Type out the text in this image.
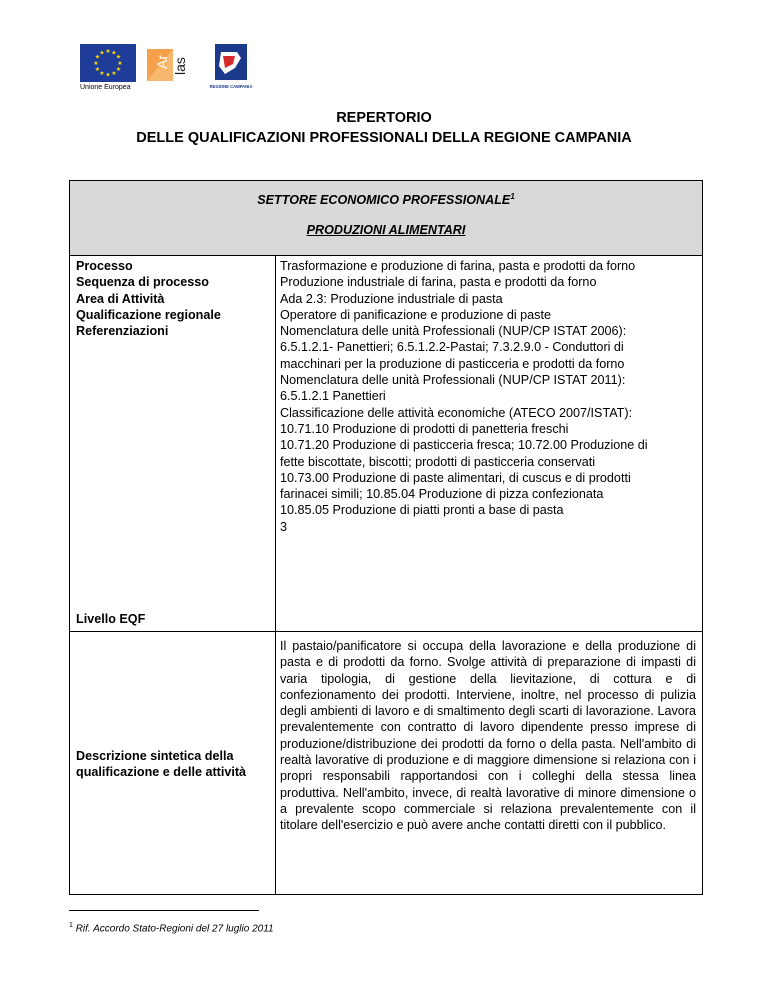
★ ★
★
★
★
★
★
★
★
★
★
★
Unione Europea
Ar las
REGIONE CAMPANIA
REPERTORIO
DELLE QUALIFICAZIONI PROFESSIONALI DELLA REGIONE CAMPANIA
SETTORE ECONOMICO PROFESSIONALE$^1$
PRODUZIONI ALIMENTARI
Processo
Sequenza di processo
Area di Attività
Qualificazione regionale
Referenziazioni
Livello EQF
Trasformazione e produzione di farina, pasta e prodotti da forno
Produzione industriale di farina, pasta e prodotti da forno
Ada 2.3: Produzione industriale di pasta
Operatore di panificazione e produzione di paste
Nomenclatura delle unità Professionali (NUP/CP ISTAT 2006):
6.5.1.2.1- Panettieri; 6.5.1.2.2-Pastai; 7.3.2.9.0 - Conduttori di
macchinari per la produzione di pasticceria e prodotti da forno
Nomenclatura delle unità Professionali (NUP/CP ISTAT 2011):
6.5.1.2.1 Panettieri
Classificazione delle attività economiche (ATECO 2007/ISTAT):
10.71.10 Produzione di prodotti di panetteria freschi
10.71.20 Produzione di pasticceria fresca; 10.72.00 Produzione di
fette biscottate, biscotti; prodotti di pasticceria conservati
10.73.00 Produzione di paste alimentari, di cuscus e di prodotti
farinacei simili; 10.85.04 Produzione di pizza confezionata
10.85.05 Produzione di piatti pronti a base di pasta
3
Descrizione sintetica della qualificazione e delle attività
Il pastaio/panificatore si occupa della lavorazione e della produzione di pasta e di prodotti da forno. Svolge attività di preparazione di impasti di varia tipologia, di gestione della lievitazione, di cottura e di confezionamento dei prodotti. Interviene, inoltre, nel processo di pulizia degli ambienti di lavoro e di smaltimento degli scarti di lavorazione. Lavora prevalentemente con contratto di lavoro dipendente presso imprese di produzione/distribuzione dei prodotti da forno o della pasta. Nell'ambito di realtà lavorative di produzione e di maggiore dimensione si relaziona con i propri responsabili rapportandosi con i colleghi della stessa linea produttiva. Nell'ambito, invece, di realtà lavorative di minore dimensione o a prevalente scopo commerciale si relaziona prevalentemente con il titolare dell'esercizio e può avere anche contatti diretti con il pubblico.
$^1$ Rif. Accordo Stato-Regioni del 27 luglio 2011
